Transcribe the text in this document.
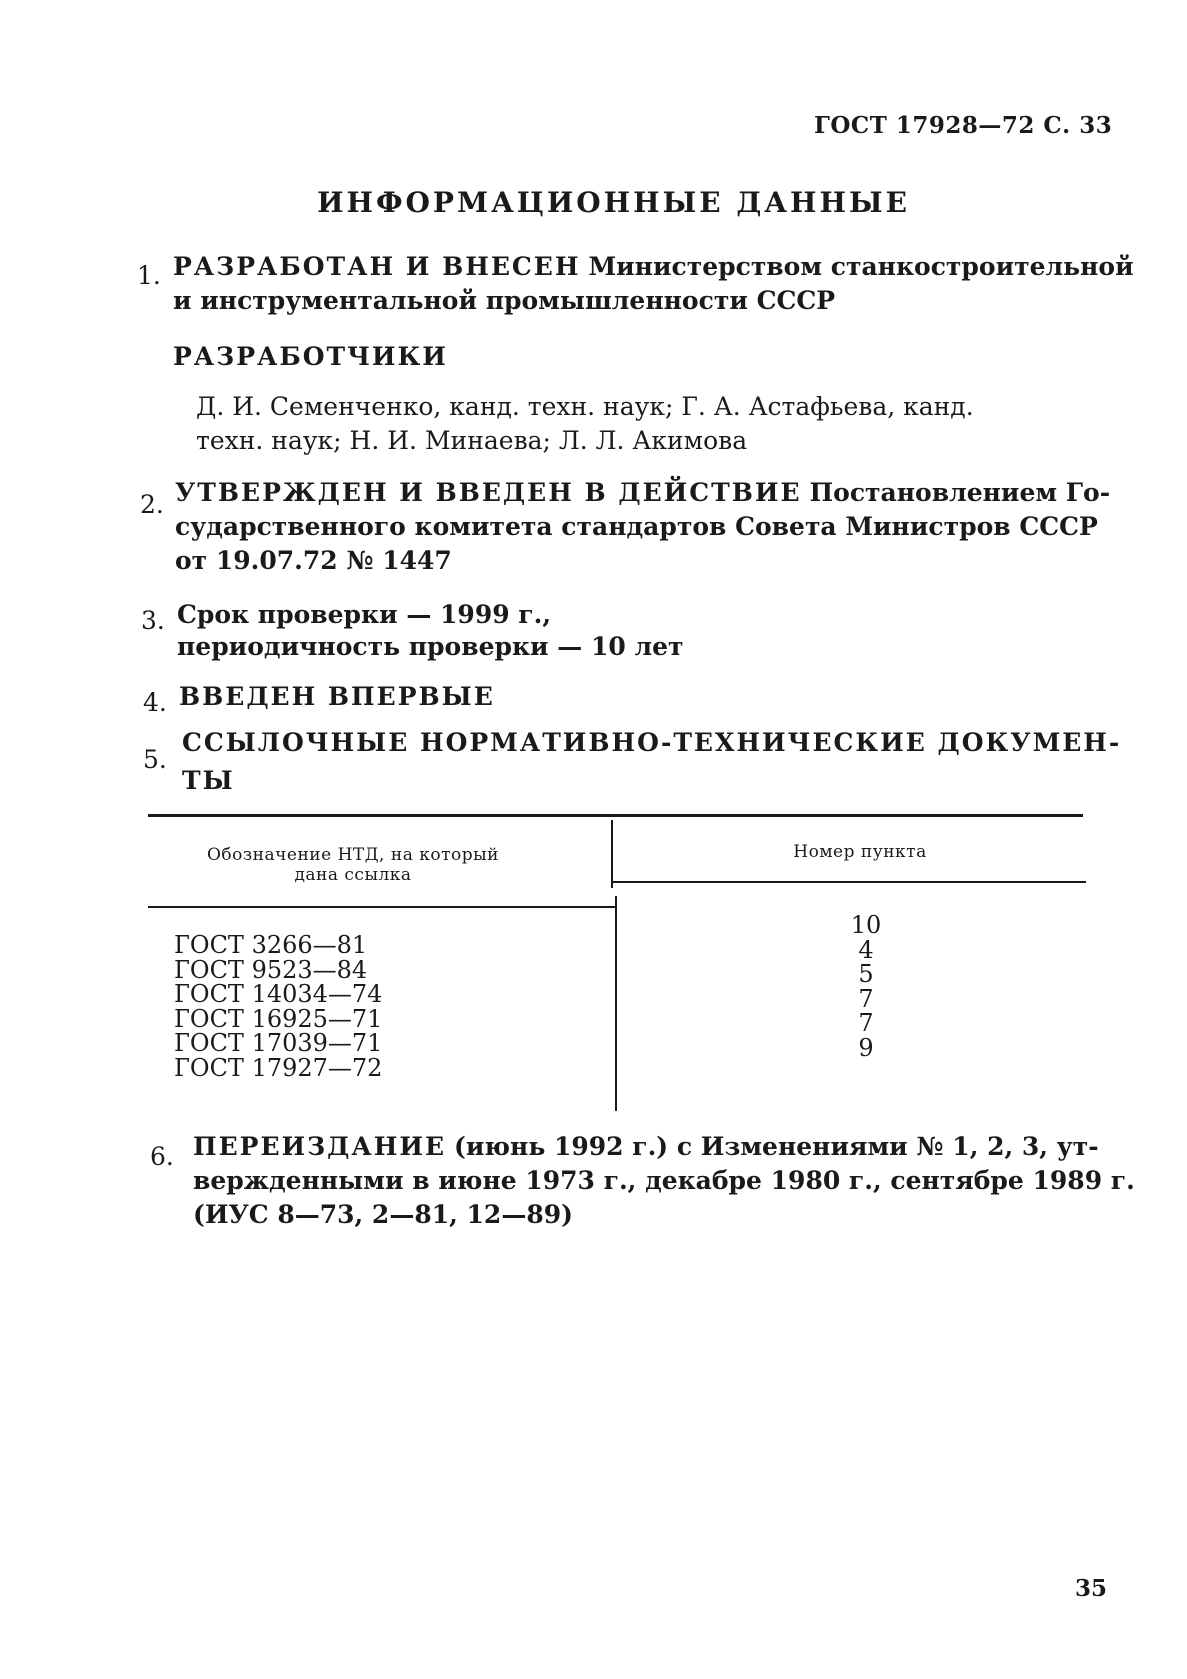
ГОСТ 17928—72 С. 33
ИНФОРМАЦИОННЫЕ ДАННЫЕ
1. РАЗРАБОТАН И ВНЕСЕН Министерством станкостроительной
и инструментальной промышленности СССР
РАЗРАБОТЧИКИ
Д. И. Семенченко, канд. техн. наук; Г. А. Астафьева, канд.
техн. наук; Н. И. Минаева; Л. Л. Акимова
2. УТВЕРЖДЕН И ВВЕДЕН В ДЕЙСТВИЕ Постановлением Го-
сударственного комитета стандартов Совета Министров СССР
от 19.07.72 № 1447
3. Срок проверки — 1999 г.,
периодичность проверки — 10 лет
4. ВВЕДЕН ВПЕРВЫЕ
5.
ССЫЛОЧНЫЕ НОРМАТИВНО-ТЕХНИЧЕСКИЕ ДОКУМЕН-
ТЫ
Обозначение НТД, на который
дана ссылка
Номер пункта
ГОСТ 3266—81
ГОСТ 9523—84
ГОСТ 14034—74
ГОСТ 16925—71
ГОСТ 17039—71
ГОСТ 17927—72
10
4
5
7
7
9
6. ПЕРЕИЗДАНИЕ (июнь 1992 г.) с Изменениями № 1, 2, 3, ут-
вержденными в июне 1973 г., декабре 1980 г., сентябре 1989 г.
(ИУС 8—73, 2—81, 12—89)
35
